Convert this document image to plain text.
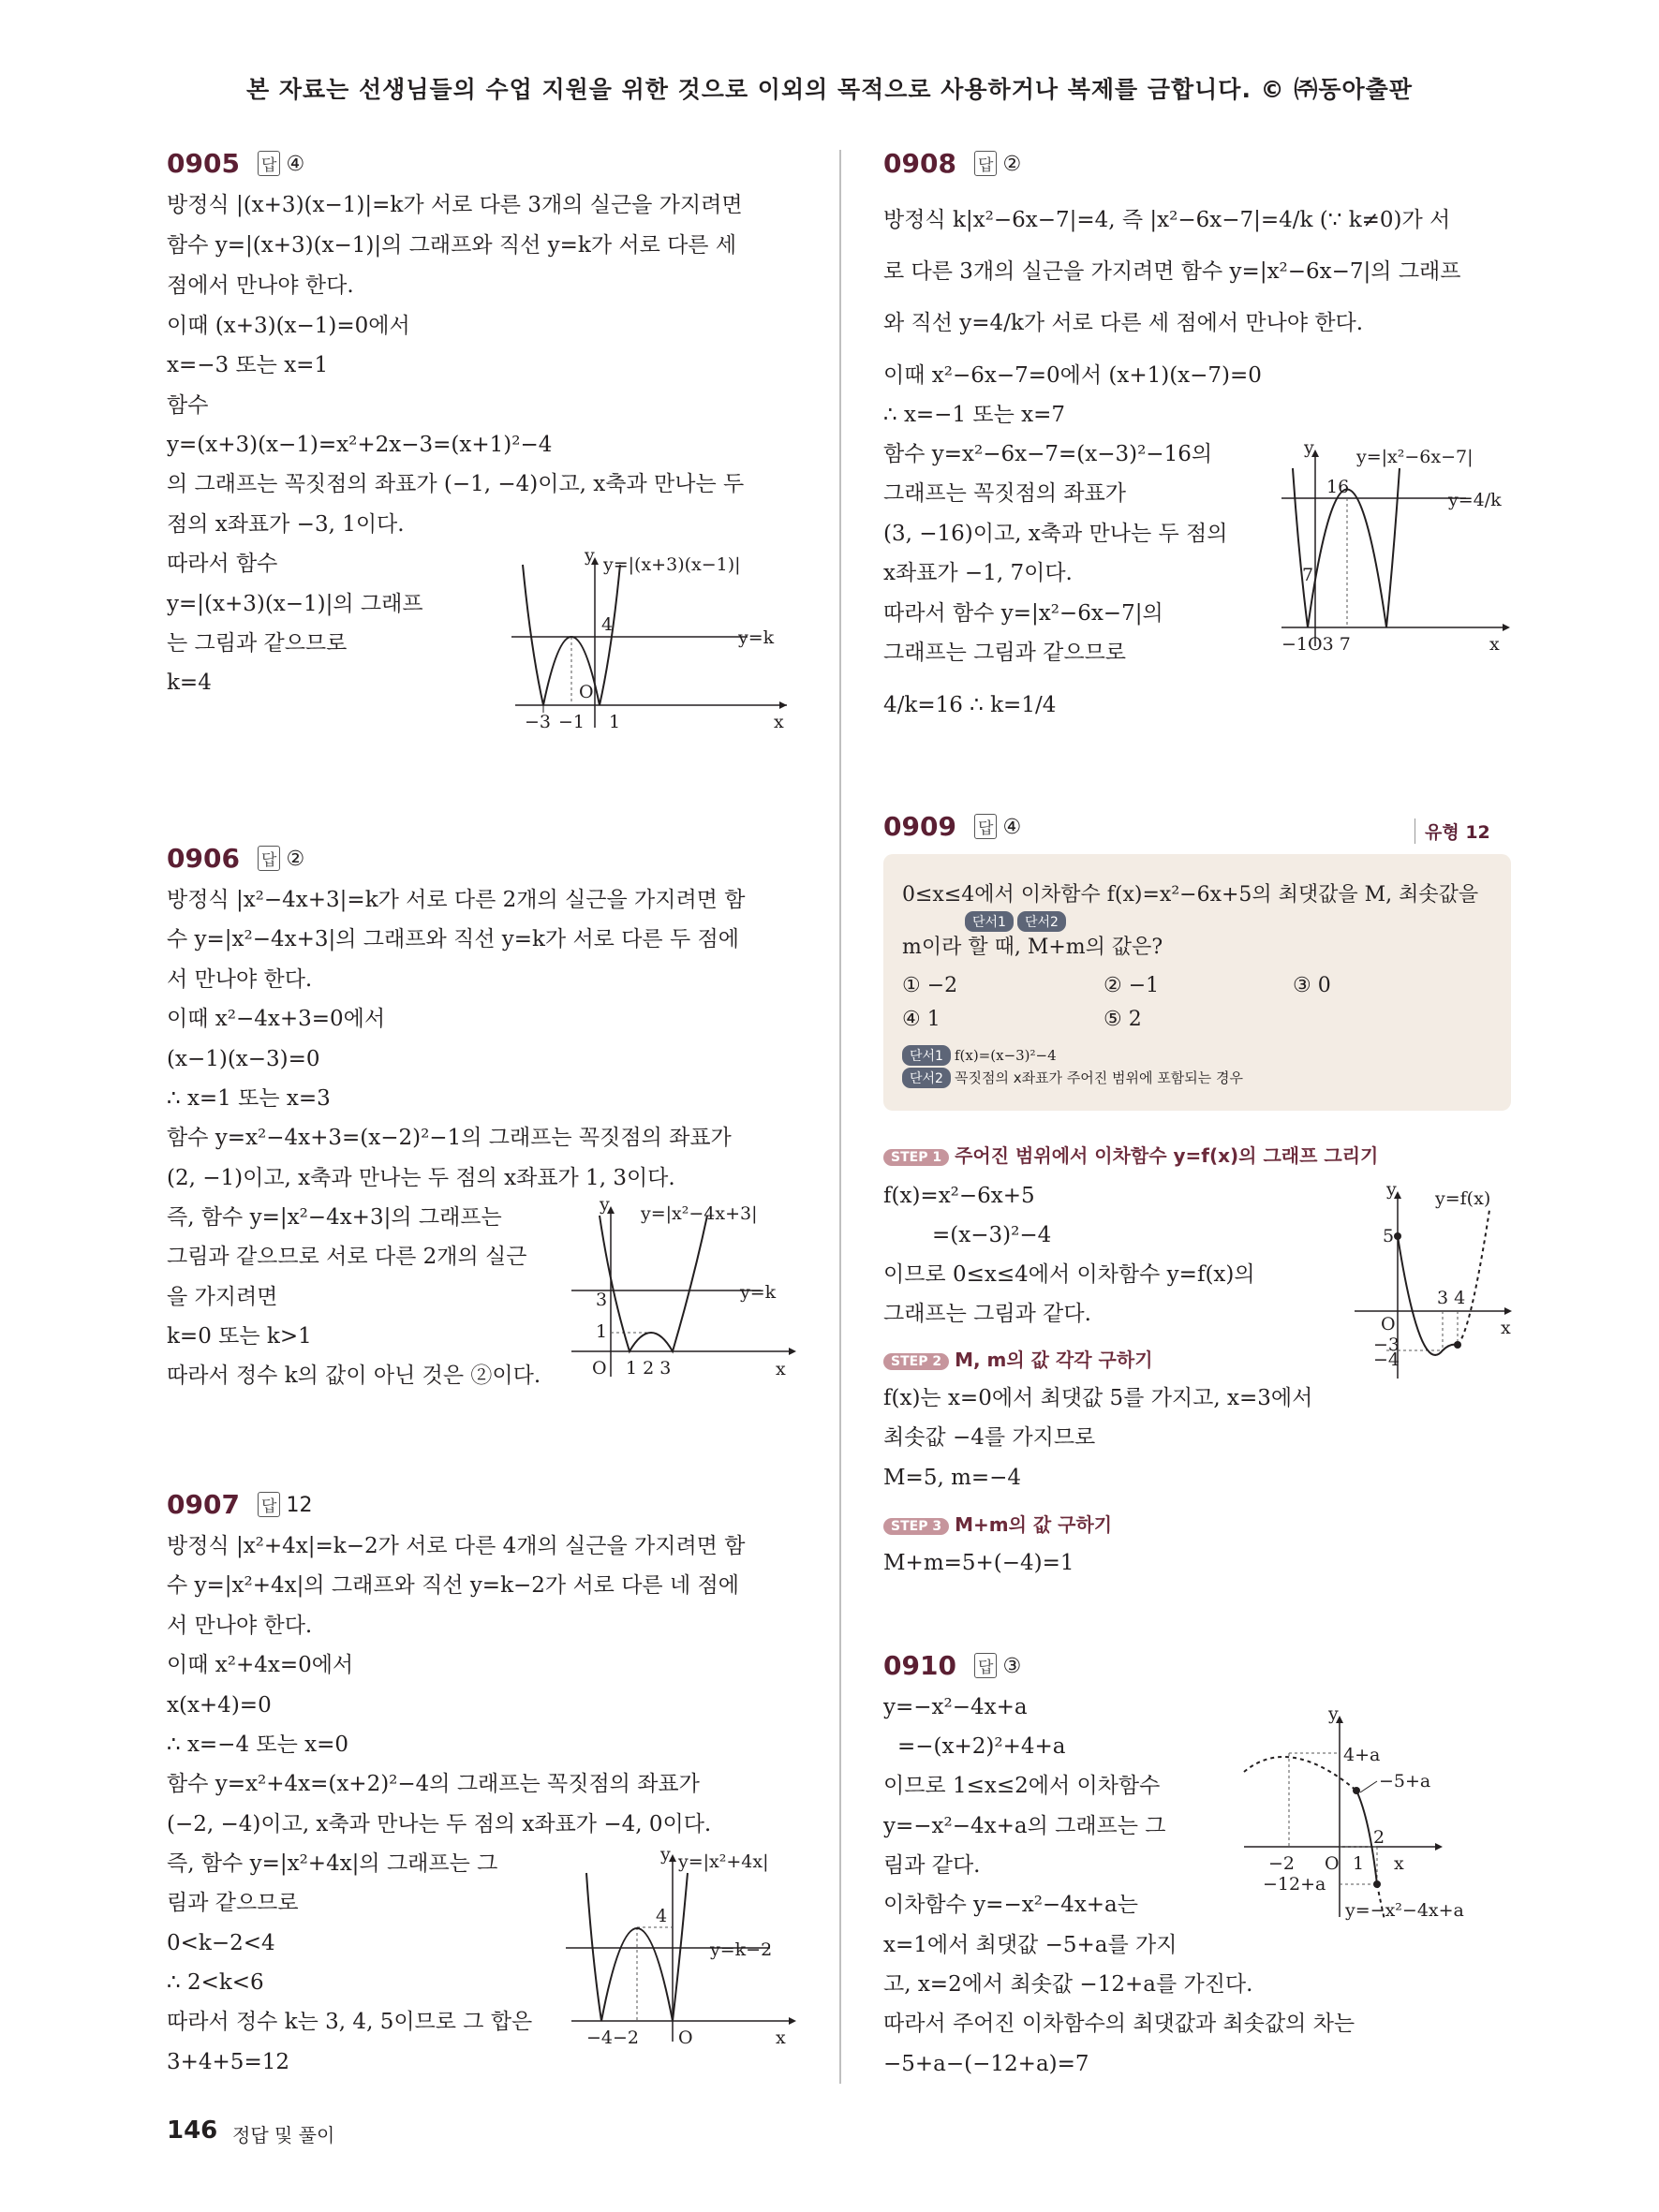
본 자료는 선생님들의 수업 지원을 위한 것으로 이외의 목적으로 사용하거나 복제를 금합니다. © ㈜동아출판
0905 답 ④
방정식 |(x+3)(x−1)|=k가 서로 다른 3개의 실근을 가지려면
함수 y=|(x+3)(x−1)|의 그래프와 직선 y=k가 서로 다른 세
점에서 만나야 한다.
이때 (x+3)(x−1)=0에서
x=−3 또는 x=1
함수
y=(x+3)(x−1)=x²+2x−3=(x+1)²−4
의 그래프는 꼭짓점의 좌표가 (−1, −4)이고, x축과 만나는 두
점의 x좌표가 −3, 1이다.
따라서 함수
y=|(x+3)(x−1)|의 그래프
는 그림과 같으므로
k=4
y
x
O
y=|(x+3)(x−1)|
y=k
4
−3 −1 1
0906 답 ②
방정식 |x²−4x+3|=k가 서로 다른 2개의 실근을 가지려면 함
수 y=|x²−4x+3|의 그래프와 직선 y=k가 서로 다른 두 점에
서 만나야 한다.
이때 x²−4x+3=0에서
(x−1)(x−3)=0
∴ x=1 또는 x=3
함수 y=x²−4x+3=(x−2)²−1의 그래프는 꼭짓점의 좌표가
(2, −1)이고, x축과 만나는 두 점의 x좌표가 1, 3이다.
즉, 함수 y=|x²−4x+3|의 그래프는
그림과 같으므로 서로 다른 2개의 실근
을 가지려면
k=0 또는 k>1
따라서 정수 k의 값이 아닌 것은 ②이다.
y
x
O
y=|x²−4x+3|
y=k
3
1
1 2 3
0907 답 12
방정식 |x²+4x|=k−2가 서로 다른 4개의 실근을 가지려면 함
수 y=|x²+4x|의 그래프와 직선 y=k−2가 서로 다른 네 점에
서 만나야 한다.
이때 x²+4x=0에서
x(x+4)=0
∴ x=−4 또는 x=0
함수 y=x²+4x=(x+2)²−4의 그래프는 꼭짓점의 좌표가
(−2, −4)이고, x축과 만나는 두 점의 x좌표가 −4, 0이다.
즉, 함수 y=|x²+4x|의 그래프는 그
림과 같으므로
0<k−2<4
∴ 2<k<6
따라서 정수 k는 3, 4, 5이므로 그 합은
3+4+5=12
y
x
O
y=|x²+4x|
y=k−2
4
−4−2
0908 답 ②
방정식 k|x²−6x−7|=4, 즉 |x²−6x−7|=4/k (∵ k≠0)가 서
로 다른 3개의 실근을 가지려면 함수 y=|x²−6x−7|의 그래프
와 직선 y=4/k가 서로 다른 세 점에서 만나야 한다.
이때 x²−6x−7=0에서 (x+1)(x−7)=0
∴ x=−1 또는 x=7
함수 y=x²−6x−7=(x−3)²−16의
그래프는 꼭짓점의 좌표가
(3, −16)이고, x축과 만나는 두 점의
x좌표가 −1, 7이다.
따라서 함수 y=|x²−6x−7|의
그래프는 그림과 같으므로
4/k=16 ∴ k=1/4
y
x
y=|x²−6x−7|
y=4/k
16
7
−1O3 7
0909 답 ④	유형 12
0≤x≤4에서 이차함수 f(x)=x²−6x+5의 최댓값을 M, 최솟값을
단서1 단서2
m이라 할 때, M+m의 값은?
① −2	② −1	③ 0
④ 1	⑤ 2
단서1 f(x)=(x−3)²−4
단서2 꼭짓점의 x좌표가 주어진 범위에 포함되는 경우
STEP 1 주어진 범위에서 이차함수 y=f(x)의 그래프 그리기
f(x)=x²−6x+5
=(x−3)²−4
이므로 0≤x≤4에서 이차함수 y=f(x)의
그래프는 그림과 같다.
STEP 2 M, m의 값 각각 구하기
f(x)는 x=0에서 최댓값 5를 가지고, x=3에서
최솟값 −4를 가지므로
M=5, m=−4
STEP 3 M+m의 값 구하기
M+m=5+(−4)=1
y
x
O
y=f(x)
5
−3
−4
3 4
0910 답 ③
y=−x²−4x+a
=−(x+2)²+4+a
이므로 1≤x≤2에서 이차함수
y=−x²−4x+a의 그래프는 그
림과 같다.
이차함수 y=−x²−4x+a는
x=1에서 최댓값 −5+a를 가지
고, x=2에서 최솟값 −12+a를 가진다.
따라서 주어진 이차함수의 최댓값과 최솟값의 차는
−5+a−(−12+a)=7
y
x
O
4+a
−5+a
−12+a
−2	1
2
y=−x²−4x+a
146 정답 및 풀이
